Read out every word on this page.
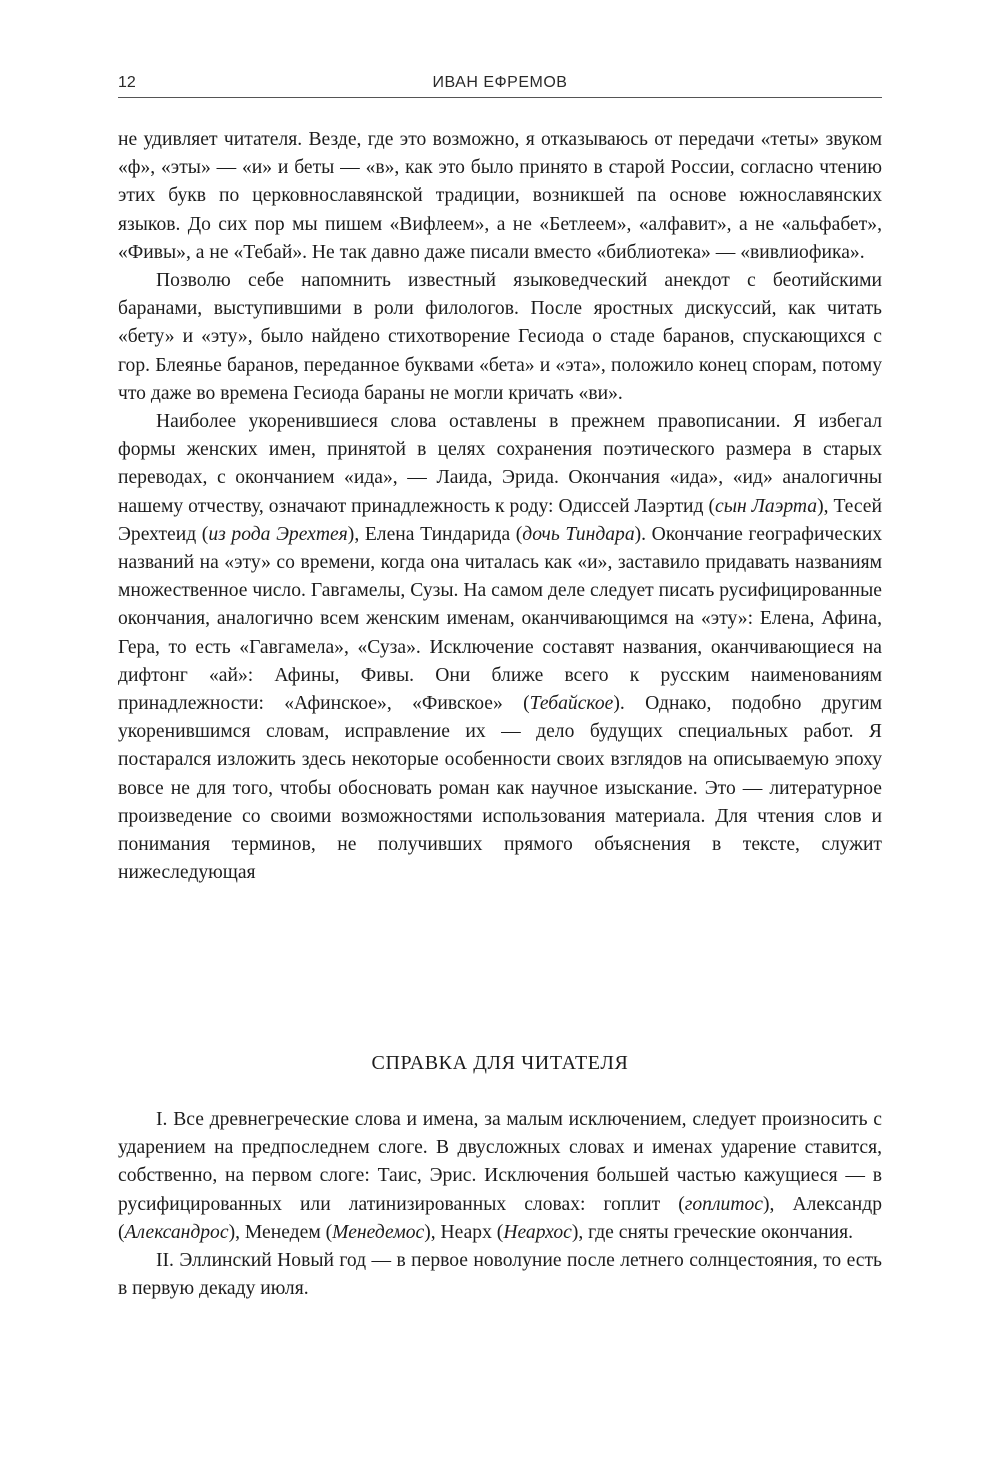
12	ИВАН ЕФРЕМОВ

не удивляет читателя. Везде, где это возможно, я отказываюсь от передачи «теты» звуком «ф», «эты» — «и» и беты — «в», как это было принято в старой России, согласно чтению этих букв по церковнославянской традиции, возникшей па основе южнославянских языков. До сих пор мы пишем «Вифлеем», а не «Бетлеем», «алфавит», а не «альфабет», «Фивы», а не «Тебай». Не так давно даже писали вместо «библиотека» — «вивлиофика».

Позволю себе напомнить известный языковедческий анекдот с беотийскими баранами, выступившими в роли филологов. После яростных дискуссий, как читать «бету» и «эту», было найдено стихотворение Гесиода о стаде баранов, спускающихся с гор. Блеянье баранов, переданное буквами «бета» и «эта», положило конец спорам, потому что даже во времена Гесиода бараны не могли кричать «ви».

Наиболее укоренившиеся слова оставлены в прежнем правописании. Я избегал формы женских имен, принятой в целях сохранения поэтического размера в старых переводах, с окончанием «ида», — Лаида, Эрида. Окончания «ида», «ид» аналогичны нашему отчеству, означают принадлежность к роду: Одиссей Лаэртид (сын Лаэрта), Тесей Эрехтеид (из рода Эрехтея), Елена Тиндарида (дочь Тиндара). Окончание географических названий на «эту» со времени, когда она читалась как «и», заставило придавать названиям множественное число. Гавгамелы, Сузы. На самом деле следует писать русифицированные окончания, аналогично всем женским именам, оканчивающимся на «эту»: Елена, Афина, Гера, то есть «Гавгамела», «Суза». Исключение составят названия, оканчивающиеся на дифтонг «ай»: Афины, Фивы. Они ближе всего к русским наименованиям принадлежности: «Афинское», «Фивское» (Тебайское). Однако, подобно другим укоренившимся словам, исправление их — дело будущих специальных работ. Я постарался изложить здесь некоторые особенности своих взглядов на описываемую эпоху вовсе не для того, чтобы обосновать роман как научное изыскание. Это — литературное произведение со своими возможностями использования материала. Для чтения слов и понимания терминов, не получивших прямого объяснения в тексте, служит нижеследующая

СПРАВКА ДЛЯ ЧИТАТЕЛЯ

I. Все древнегреческие слова и имена, за малым исключением, следует произносить с ударением на предпоследнем слоге. В двусложных словах и именах ударение ставится, собственно, на первом слоге: Таис, Эрис. Исключения большей частью кажущиеся — в русифицированных или латинизированных словах: гоплит (гоплитос), Александр (Александрос), Менедем (Менедемос), Неарх (Неархос), где сняты греческие окончания.

II. Эллинский Новый год — в первое новолуние после летнего солнцестояния, то есть в первую декаду июля.
